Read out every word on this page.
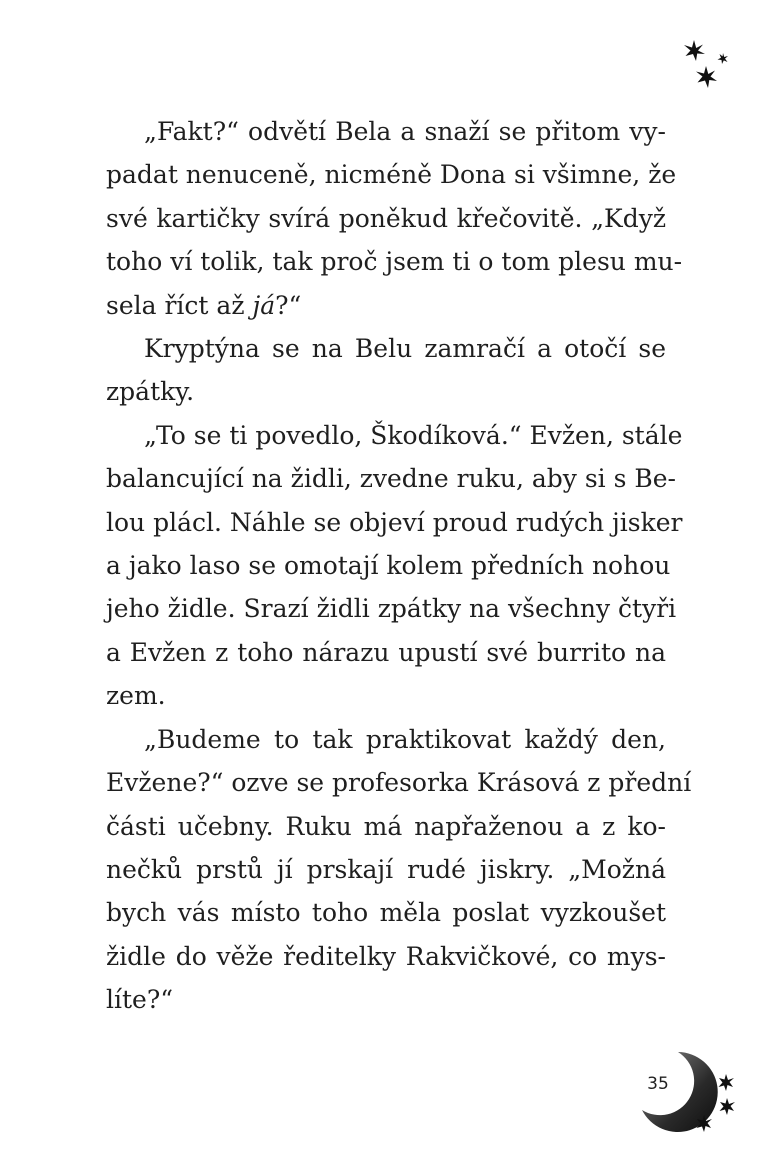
„Fakt?“ odvětí Bela a snaží se přitom vy-
padat nenuceně, nicméně Dona si všimne, že
své kartičky svírá poněkud křečovitě. „Když
toho ví tolik, tak proč jsem ti o tom plesu mu-
sela říct až já?“

Kryptýna se na Belu zamračí a otočí se
zpátky.

„To se ti povedlo, Škodíková.“ Evžen, stále
balancující na židli, zvedne ruku, aby si s Be-
lou plácl. Náhle se objeví proud rudých jisker
a jako laso se omotají kolem předních nohou
jeho židle. Srazí židli zpátky na všechny čtyři
a Evžen z toho nárazu upustí své burrito na
zem.

„Budeme to tak praktikovat každý den,
Evžene?“ ozve se profesorka Krásová z přední
části učebny. Ruku má napřaženou a z ko-
nečků prstů jí prskají rudé jiskry. „Možná
bych vás místo toho měla poslat vyzkoušet
židle do věže ředitelky Rakvičkové, co mys-
líte?“

35
